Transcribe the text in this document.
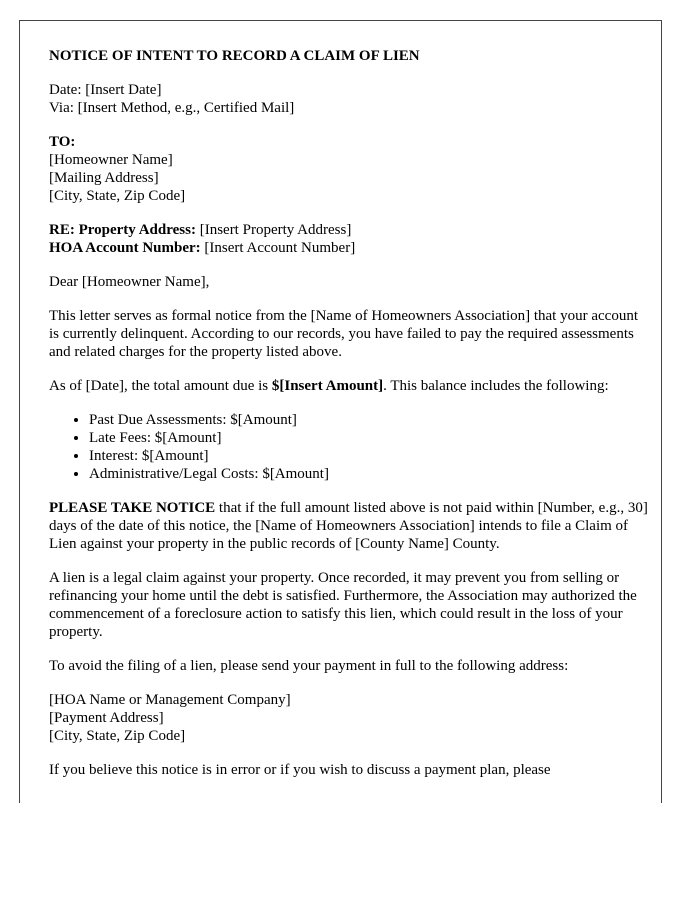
NOTICE OF INTENT TO RECORD A CLAIM OF LIEN
Date: [Insert Date]
Via: [Insert Method, e.g., Certified Mail]
TO:
[Homeowner Name]
[Mailing Address]
[City, State, Zip Code]
RE: Property Address: [Insert Property Address]
HOA Account Number: [Insert Account Number]

Dear [Homeowner Name],

This letter serves as formal notice from the [Name of Homeowners Association] that your account is currently delinquent. According to our records, you have failed to pay the required assessments and related charges for the property listed above.

As of [Date], the total amount due is $[Insert Amount]. This balance includes the following:

• Past Due Assessments: $[Amount]
• Late Fees: $[Amount]
• Interest: $[Amount]
• Administrative/Legal Costs: $[Amount]

PLEASE TAKE NOTICE that if the full amount listed above is not paid within [Number, e.g., 30] days of the date of this notice, the [Name of Homeowners Association] intends to file a Claim of Lien against your property in the public records of [County Name] County.

A lien is a legal claim against your property. Once recorded, it may prevent you from selling or refinancing your home until the debt is satisfied. Furthermore, the Association may authorized the commencement of a foreclosure action to satisfy this lien, which could result in the loss of your property.

To avoid the filing of a lien, please send your payment in full to the following address:

[HOA Name or Management Company]
[Payment Address]
[City, State, Zip Code]

If you believe this notice is in error or if you wish to discuss a payment plan, please
